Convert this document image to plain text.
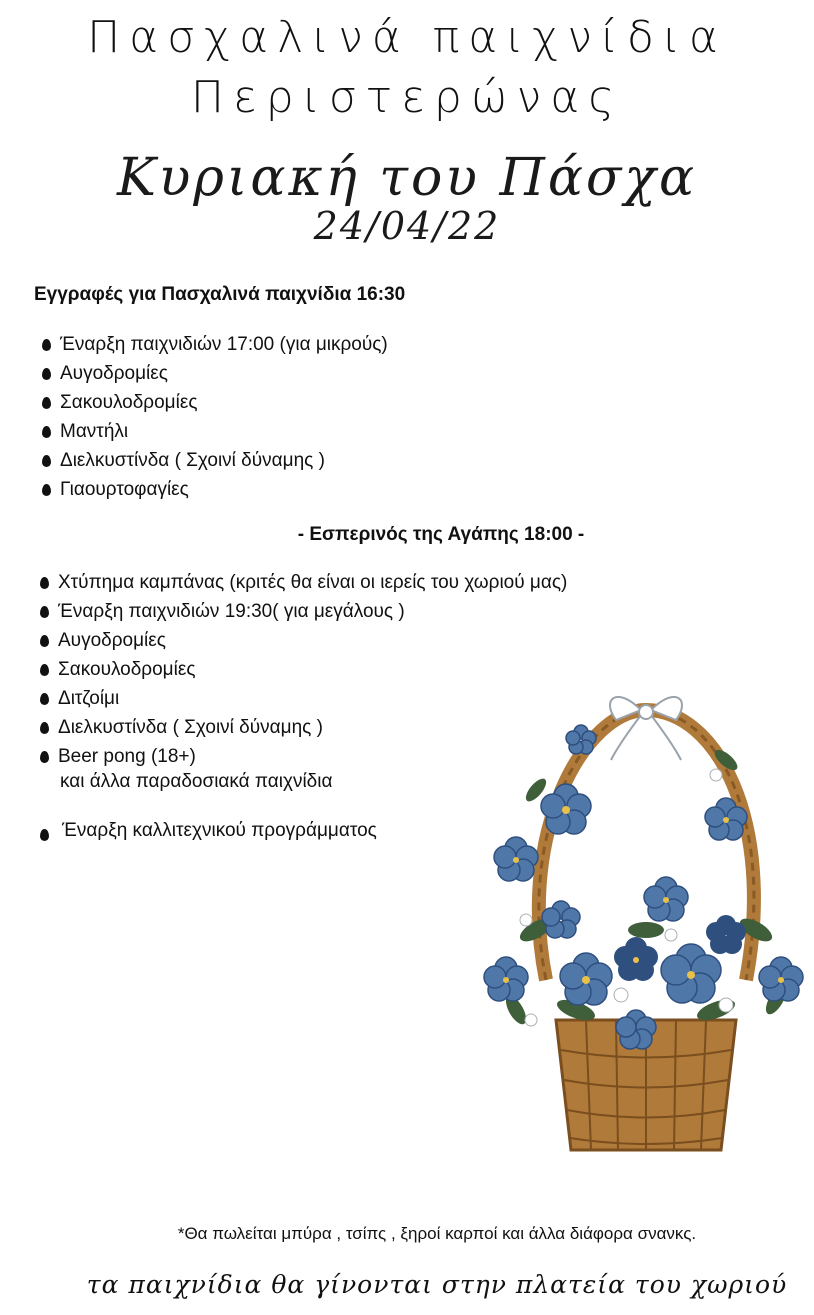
Πασχαλινά παιχνίδια
Περιστερώνας
Κυριακή του Πάσχα
24/04/22
Εγγραφές για Πασχαλινά παιχνίδια 16:30
Έναρξη παιχνιδιών 17:00 (για μικρούς)
Αυγοδρομίες
Σακουλοδρομίες
Μαντήλι
Διελκυστίνδα ( Σχοινί δύναμης )
Γιαουρτοφαγίες
- Εσπερινός της Αγάπης 18:00 -
Χτύπημα καμπάνας (κριτές θα είναι οι ιερείς του χωριού μας)
Έναρξη παιχνιδιών 19:30( για μεγάλους )
Αυγοδρομίες
Σακουλοδρομίες
Διτζοίμι
Διελκυστίνδα ( Σχοινί δύναμης )
Beer pong (18+)
και άλλα παραδοσιακά παιχνίδια
Έναρξη καλλιτεχνικού προγράμματος
*Θα πωλείται μπύρα , τσίπς , ξηροί καρποί και άλλα διάφορα σνανκς.
τα παιχνίδια θα γίνονται στην πλατεία του χωριού
